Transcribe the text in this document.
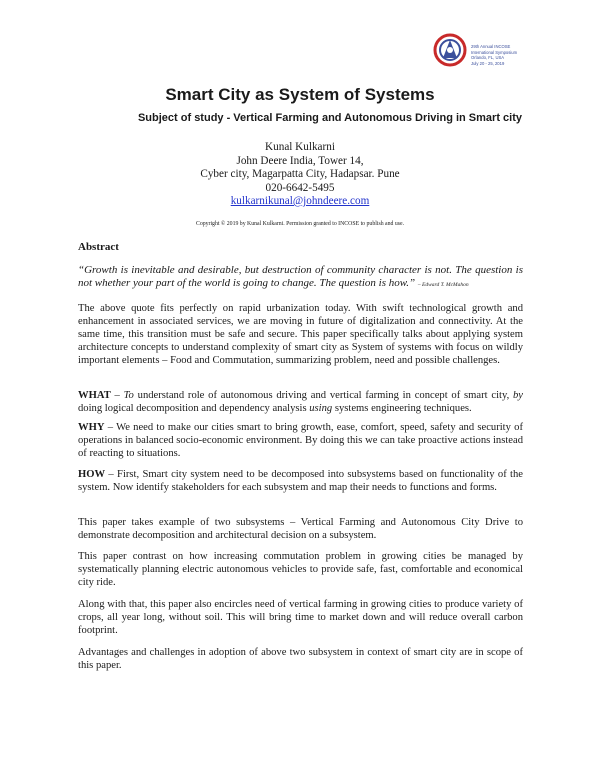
29th Annual INCOSE
International Symposium
Orlando, FL, USA
July 20 - 25, 2019
Smart City as System of Systems
Subject of study - Vertical Farming and Autonomous Driving in Smart city
Kunal Kulkarni
John Deere India, Tower 14,
Cyber city, Magarpatta City, Hadapsar. Pune
020-6642-5495
kulkarnikunal@johndeere.com
Copyright © 2019 by Kunal Kulkarni. Permission granted to INCOSE to publish and use.
Abstract
“Growth is inevitable and desirable, but destruction of community character is not. The question is not whether your part of the world is going to change. The question is how.” – Edward T. McMahon

The above quote fits perfectly on rapid urbanization today. With swift technological growth and enhancement in associated services, we are moving in future of digitalization and connectivity. At the same time, this transition must be safe and secure. This paper specifically talks about applying system architecture concepts to understand complexity of smart city as System of systems with focus on wildly important elements – Food and Commutation, summarizing problem, need and possible challenges.

WHAT – To understand role of autonomous driving and vertical farming in concept of smart city, by doing logical decomposition and dependency analysis using systems engineering techniques.

WHY – We need to make our cities smart to bring growth, ease, comfort, speed, safety and security of operations in balanced socio-economic environment. By doing this we can take proactive actions instead of reacting to situations.

HOW – First, Smart city system need to be decomposed into subsystems based on functionality of the system. Now identify stakeholders for each subsystem and map their needs to functions and forms.

This paper takes example of two subsystems – Vertical Farming and Autonomous City Drive to demonstrate decomposition and architectural decision on a subsystem.

This paper contrast on how increasing commutation problem in growing cities be managed by systematically planning electric autonomous vehicles to provide safe, fast, comfortable and economical city ride.

Along with that, this paper also encircles need of vertical farming in growing cities to produce variety of crops, all year long, without soil. This will bring time to market down and will reduce overall carbon footprint.

Advantages and challenges in adoption of above two subsystem in context of smart city are in scope of this paper.
